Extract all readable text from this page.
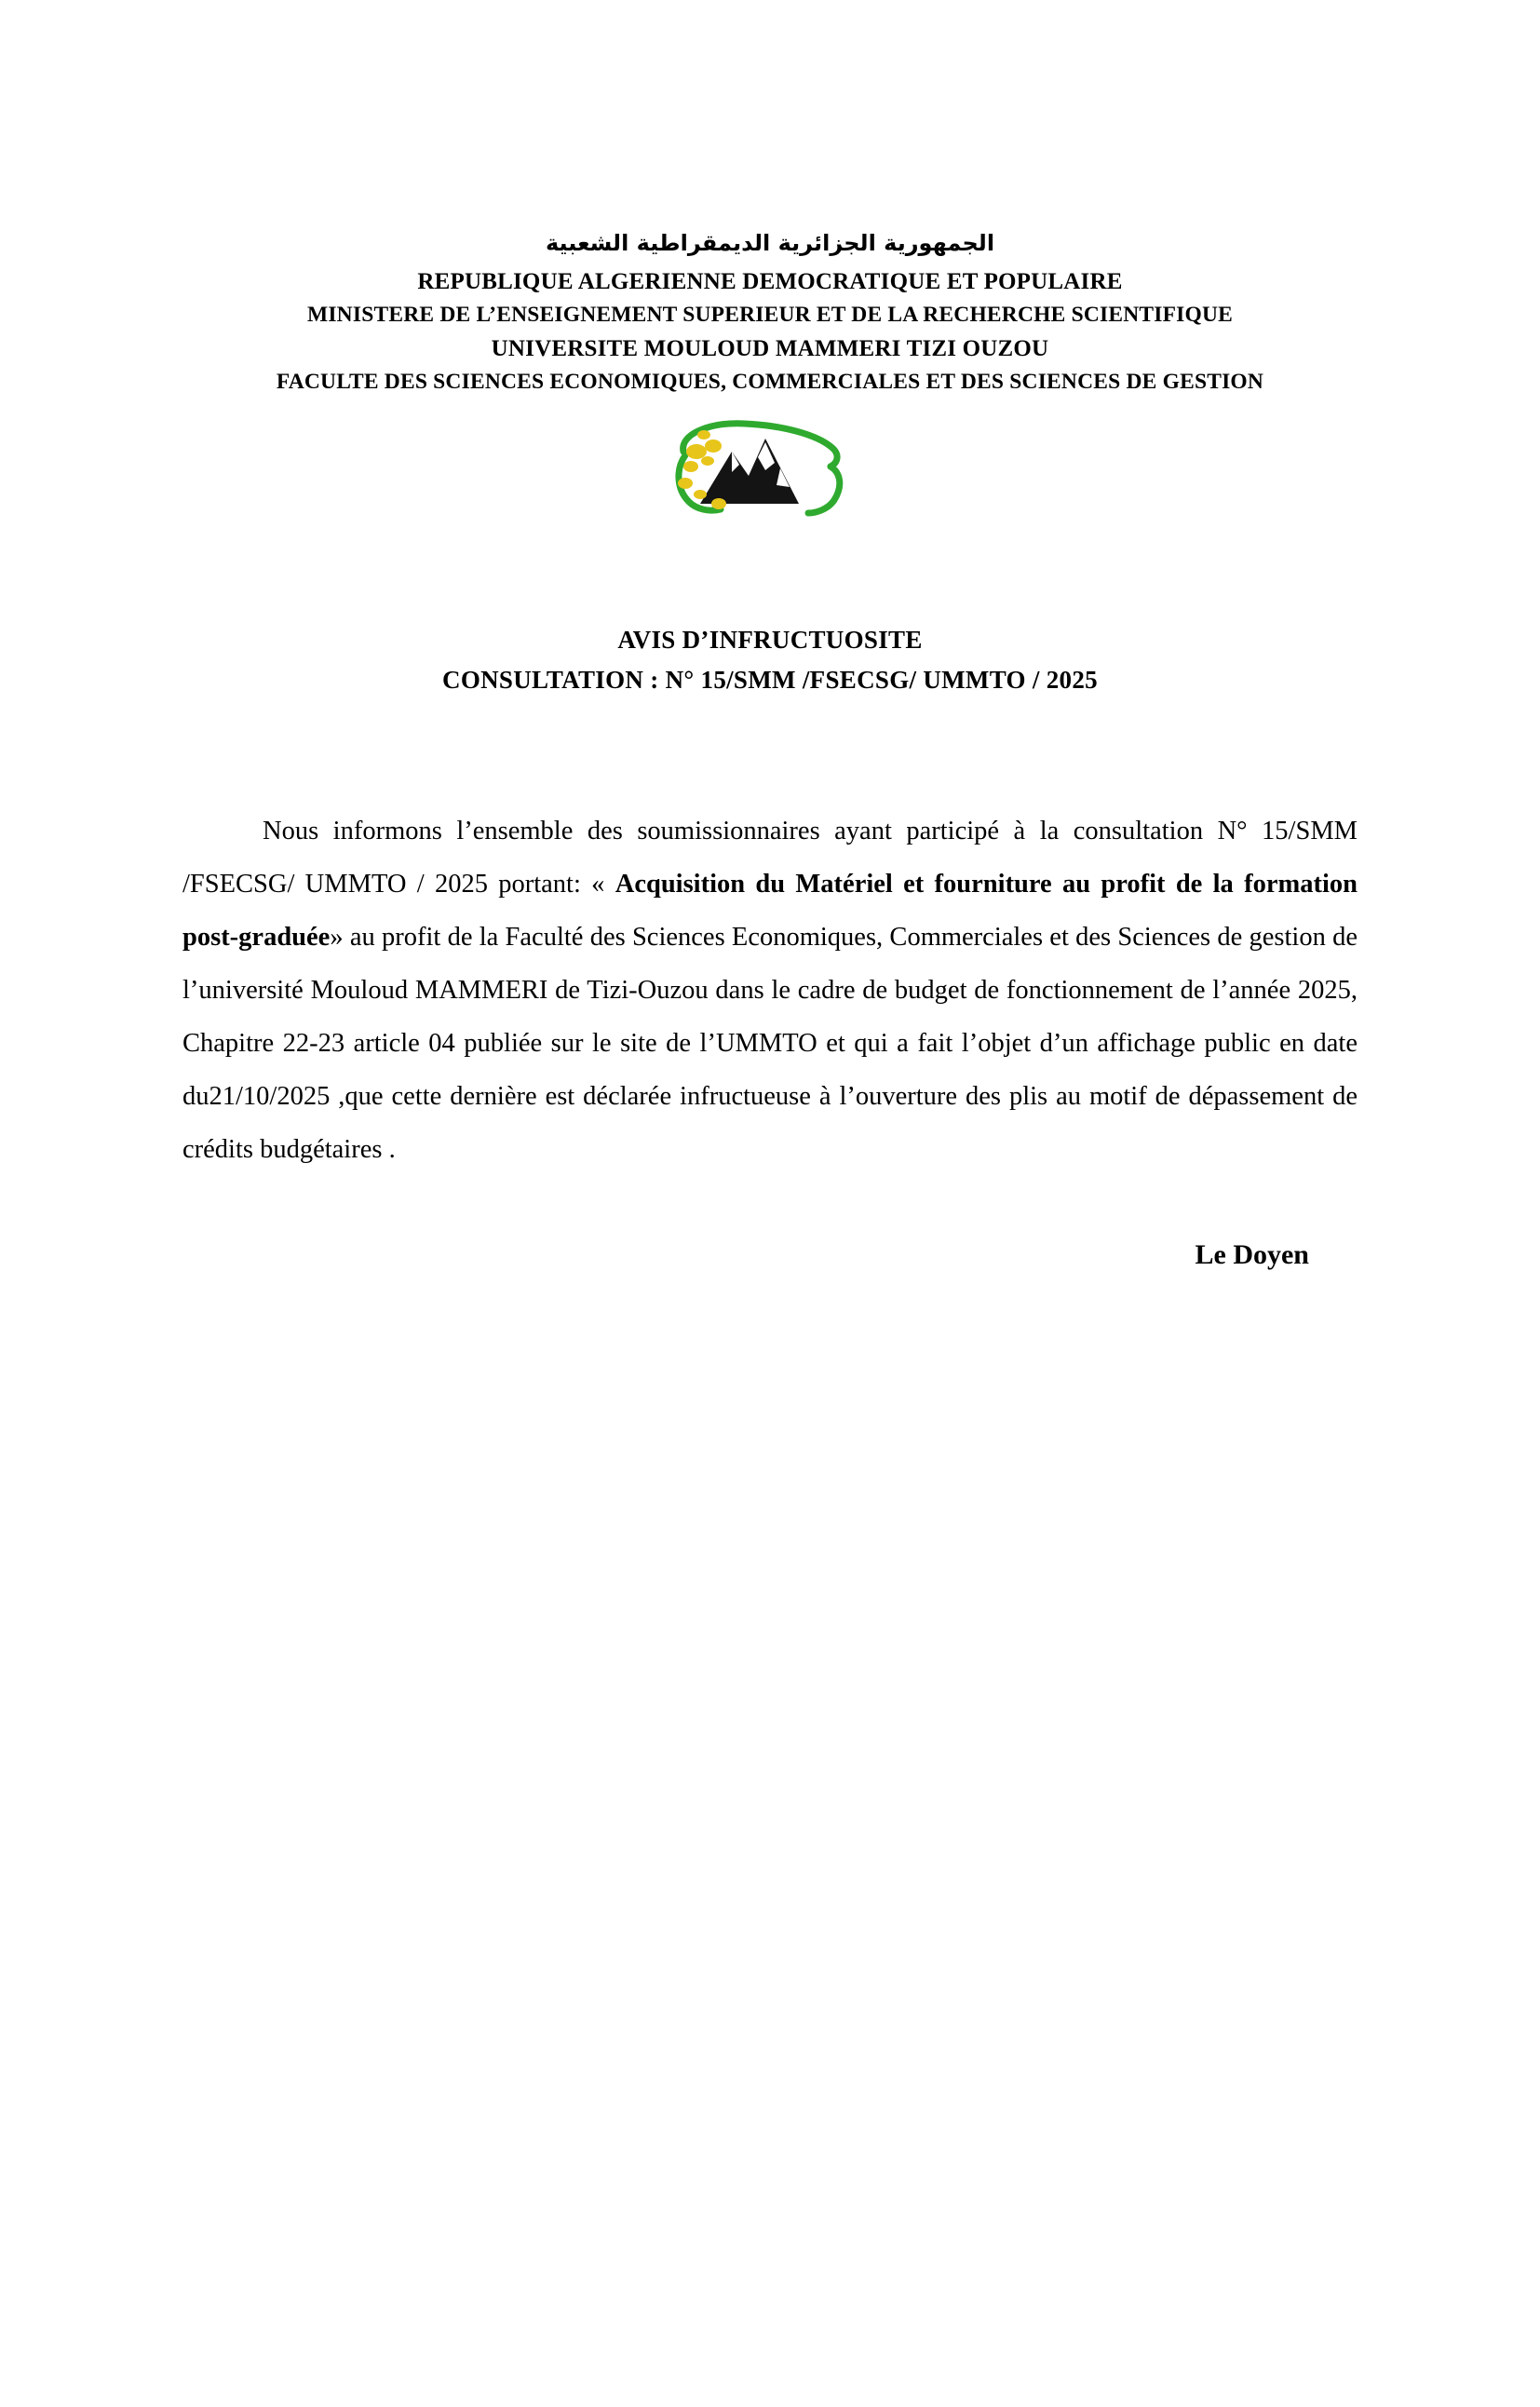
الجمهورية الجزائرية الديمقراطية الشعبية
REPUBLIQUE ALGERIENNE DEMOCRATIQUE ET POPULAIRE
MINISTERE DE L’ENSEIGNEMENT SUPERIEUR ET DE LA RECHERCHE SCIENTIFIQUE
UNIVERSITE MOULOUD MAMMERI TIZI OUZOU
FACULTE DES SCIENCES ECONOMIQUES, COMMERCIALES ET DES SCIENCES DE GESTION
AVIS D’INFRUCTUOSITE
CONSULTATION : N° 15/SMM /FSECSG/ UMMTO / 2025

Nous informons l’ensemble des soumissionnaires ayant participé à la consultation N° 15/SMM /FSECSG/ UMMTO / 2025 portant: « Acquisition du Matériel et fourniture au profit de la formation post-graduée» au profit de la Faculté des Sciences Economiques, Commerciales et des Sciences de gestion de l’université Mouloud MAMMERI de Tizi-Ouzou dans le cadre de budget de fonctionnement de l’année 2025, Chapitre 22-23 article 04 publiée sur le site de l’UMMTO et qui a fait l’objet d’un affichage public en date du21/10/2025 ,que cette dernière est déclarée infructueuse à l’ouverture des plis au motif de dépassement de crédits budgétaires .

Le Doyen
